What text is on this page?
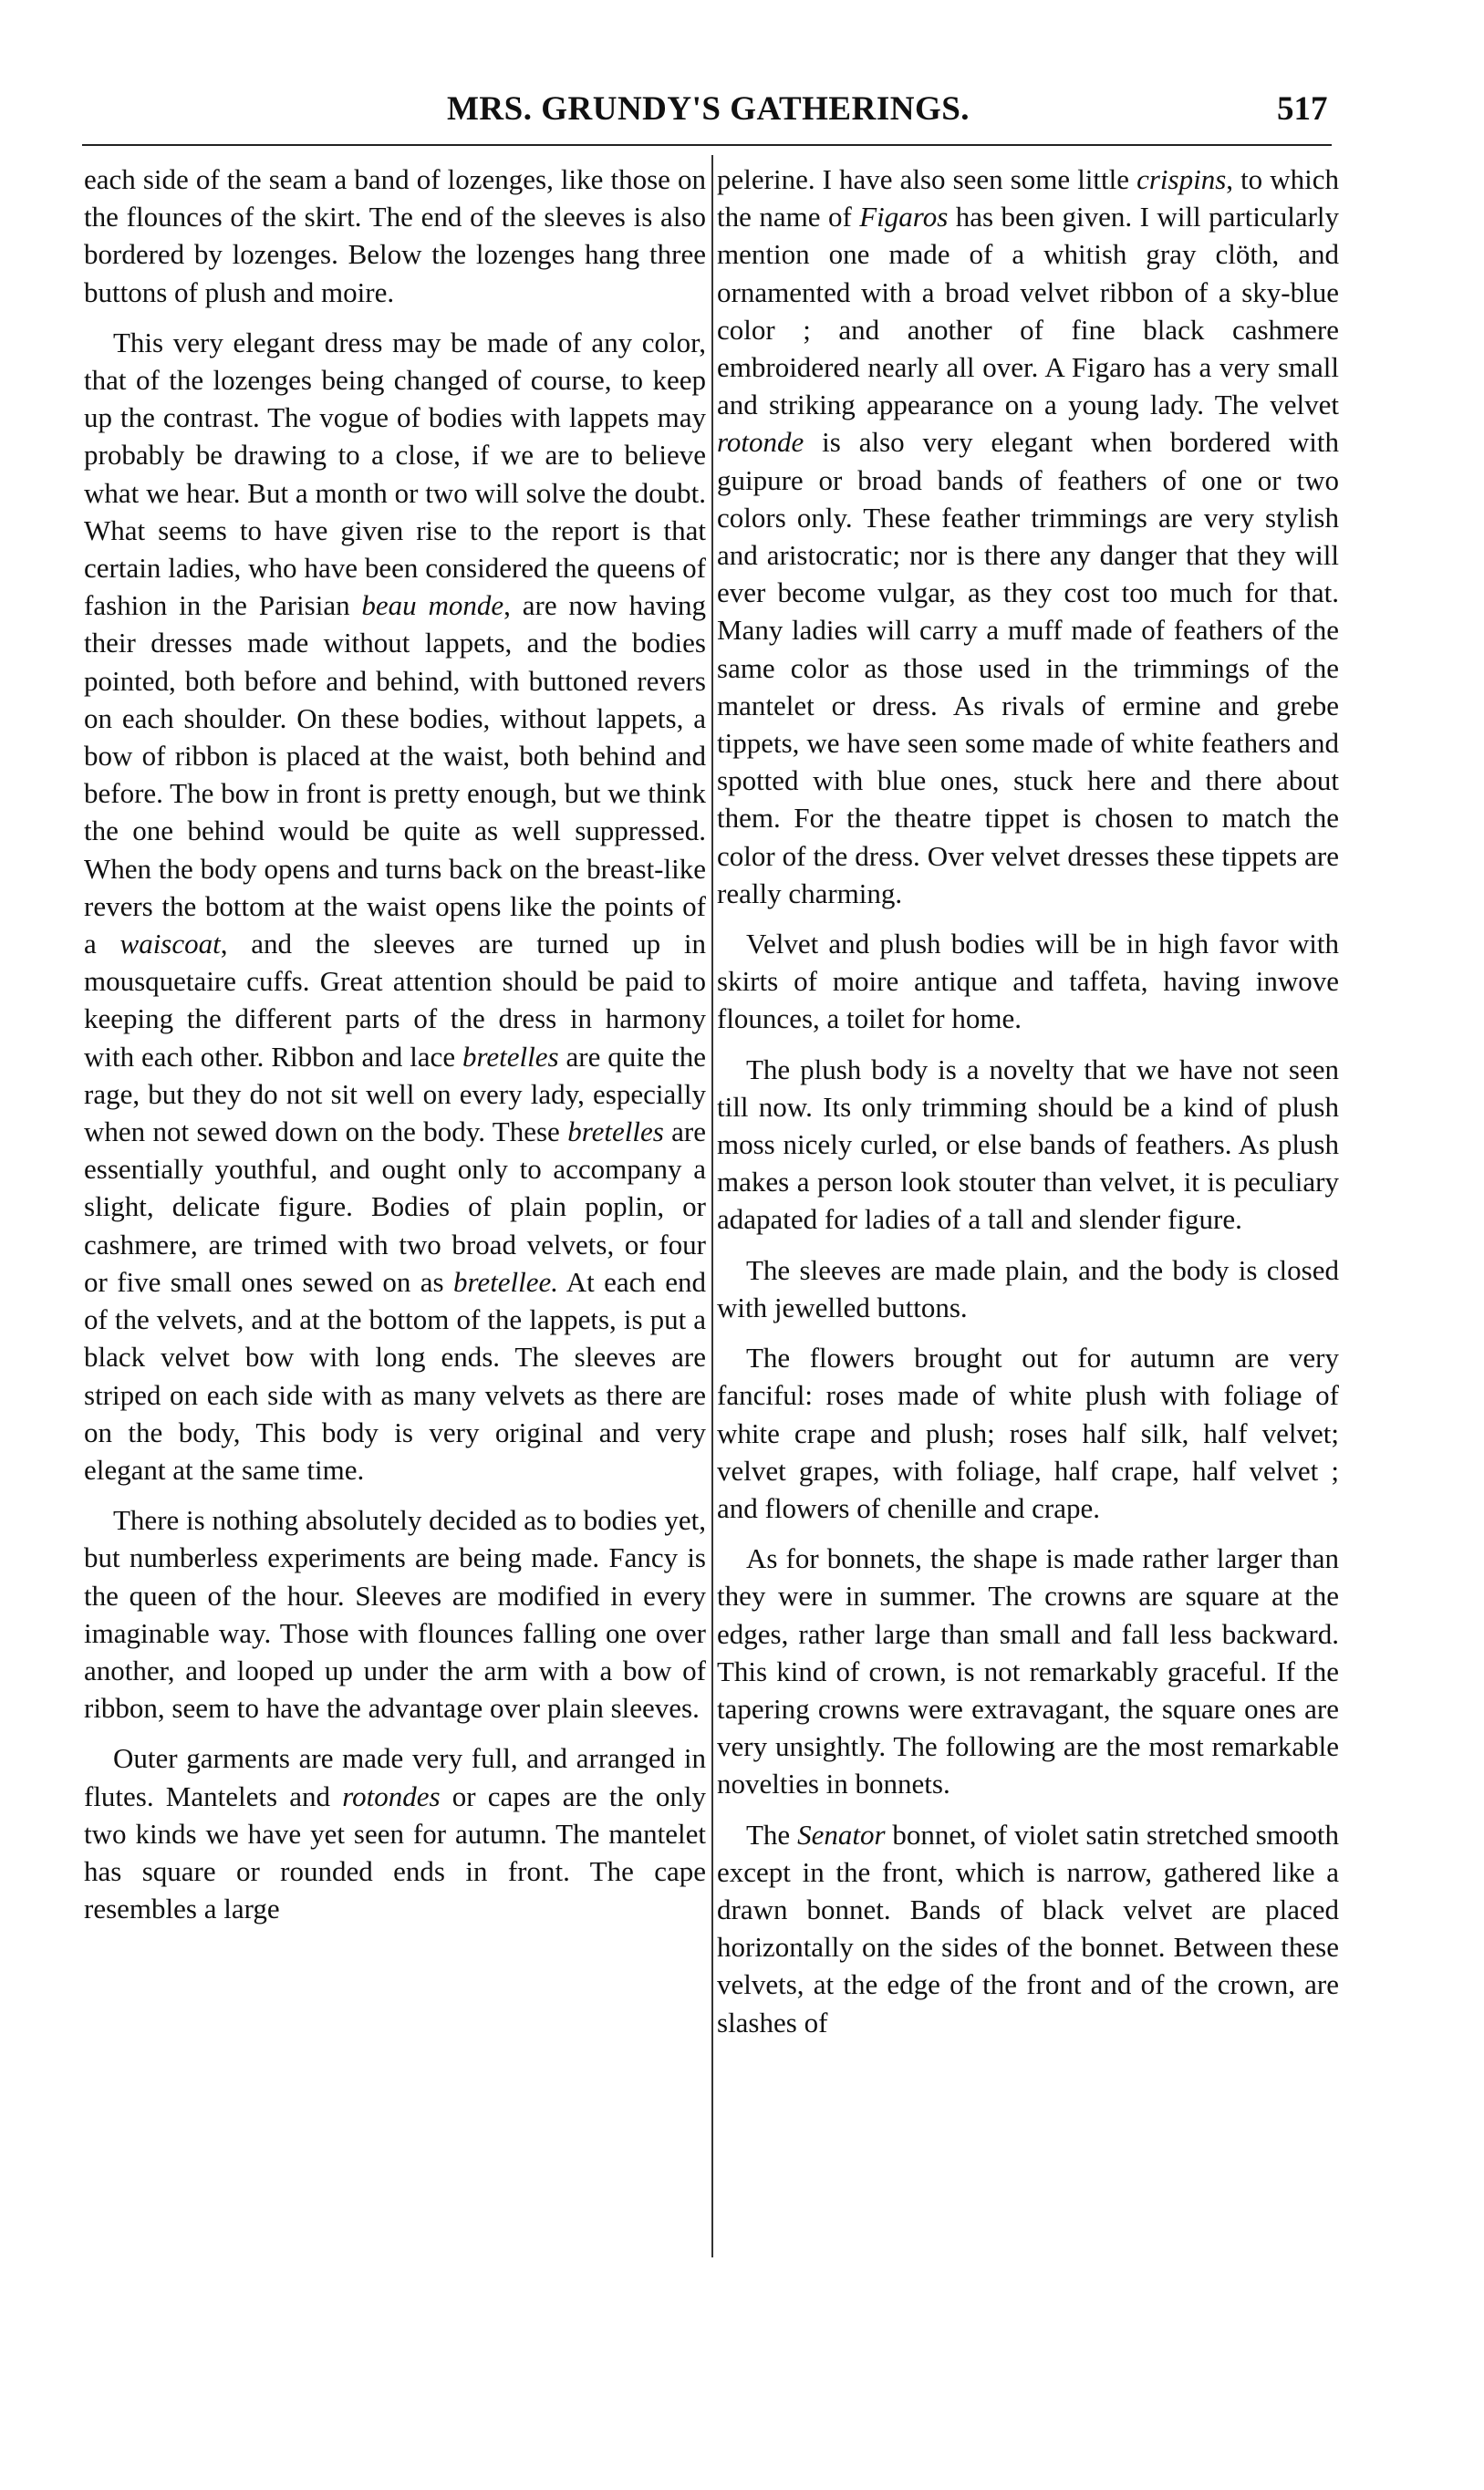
MRS. GRUNDY'S GATHERINGS.	517

each side of the seam a band of lozenges, like those on the flounces of the skirt. The end of the sleeves is also bordered by lozenges. Below the lozenges hang three buttons of plush and moire.

This very elegant dress may be made of any color, that of the lozenges being changed of course, to keep up the contrast. The vogue of bodies with lappets may probably be drawing to a close, if we are to believe what we hear. But a month or two will solve the doubt. What seems to have given rise to the report is that certain ladies, who have been considered the queens of fashion in the Parisian beau monde, are now having their dresses made without lappets, and the bodies pointed, both before and behind, with buttoned revers on each shoulder. On these bodies, without lappets, a bow of ribbon is placed at the waist, both behind and before. The bow in front is pretty enough, but we think the one behind would be quite as well suppressed. When the body opens and turns back on the breast-like revers the bottom at the waist opens like the points of a waiscoat, and the sleeves are turned up in mousquetaire cuffs. Great attention should be paid to keeping the different parts of the dress in harmony with each other. Ribbon and lace bretelles are quite the rage, but they do not sit well on every lady, especially when not sewed down on the body. These bretelles are essentially youthful, and ought only to accompany a slight, delicate figure. Bodies of plain poplin, or cashmere, are trimed with two broad velvets, or four or five small ones sewed on as bretellee. At each end of the velvets, and at the bottom of the lappets, is put a black velvet bow with long ends. The sleeves are striped on each side with as many velvets as there are on the body, This body is very original and very elegant at the same time.

There is nothing absolutely decided as to bodies yet, but numberless experiments are being made. Fancy is the queen of the hour. Sleeves are modified in every imaginable way. Those with flounces falling one over another, and looped up under the arm with a bow of ribbon, seem to have the advantage over plain sleeves.

Outer garments are made very full, and arranged in flutes. Mantelets and rotondes or capes are the only two kinds we have yet seen for autumn. The mantelet has square or rounded ends in front. The cape resembles a large

pelerine. I have also seen some little crispins, to which the name of Figaros has been given. I will particularly mention one made of a whitish gray clöth, and ornamented with a broad velvet ribbon of a sky-blue color ; and another of fine black cashmere embroidered nearly all over. A Figaro has a very small and striking appearance on a young lady. The velvet rotonde is also very elegant when bordered with guipure or broad bands of feathers of one or two colors only. These feather trimmings are very stylish and aristocratic; nor is there any danger that they will ever become vulgar, as they cost too much for that. Many ladies will carry a muff made of feathers of the same color as those used in the trimmings of the mantelet or dress. As rivals of ermine and grebe tippets, we have seen some made of white feathers and spotted with blue ones, stuck here and there about them. For the theatre tippet is chosen to match the color of the dress. Over velvet dresses these tippets are really charming.

Velvet and plush bodies will be in high favor with skirts of moire antique and taffeta, having inwove flounces, a toilet for home.

The plush body is a novelty that we have not seen till now. Its only trimming should be a kind of plush moss nicely curled, or else bands of feathers. As plush makes a person look stouter than velvet, it is peculiary adapated for ladies of a tall and slender figure.

The sleeves are made plain, and the body is closed with jewelled buttons.

The flowers brought out for autumn are very fanciful: roses made of white plush with foliage of white crape and plush; roses half silk, half velvet; velvet grapes, with foliage, half crape, half velvet ; and flowers of chenille and crape.

As for bonnets, the shape is made rather larger than they were in summer. The crowns are square at the edges, rather large than small and fall less backward. This kind of crown, is not remarkably graceful. If the tapering crowns were extravagant, the square ones are very unsightly. The following are the most remarkable novelties in bonnets.

The Senator bonnet, of violet satin stretched smooth except in the front, which is narrow, gathered like a drawn bonnet. Bands of black velvet are placed horizontally on the sides of the bonnet. Between these velvets, at the edge of the front and of the crown, are slashes of
